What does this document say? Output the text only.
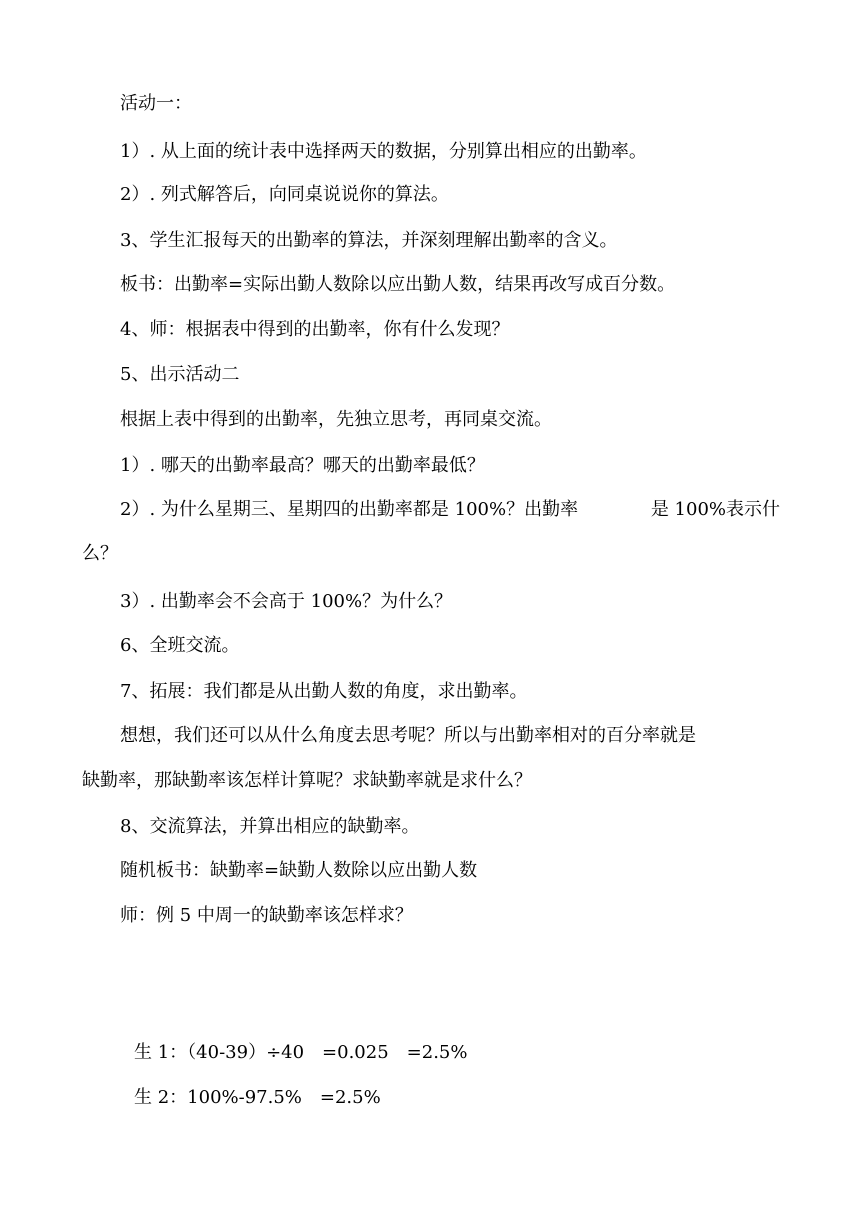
活动一：
1）. 从上面的统计表中选择两天的数据，分别算出相应的出勤率。
2）. 列式解答后，向同桌说说你的算法。
3、学生汇报每天的出勤率的算法，并深刻理解出勤率的含义。
板书：出勤率=实际出勤人数除以应出勤人数，结果再改写成百分数。
4、师：根据表中得到的出勤率，你有什么发现？
5、出示活动二
根据上表中得到的出勤率，先独立思考，再同桌交流。
1）. 哪天的出勤率最高？哪天的出勤率最低？
2）. 为什么星期三、星期四的出勤率都是 100%？出勤率	是 100%表示什
么？
3）. 出勤率会不会高于 100%？为什么？
6、全班交流。
7、拓展：我们都是从出勤人数的角度，求出勤率。
想想，我们还可以从什么角度去思考呢？所以与出勤率相对的百分率就是
缺勤率，那缺勤率该怎样计算呢？求缺勤率就是求什么？
8、交流算法，并算出相应的缺勤率。
随机板书：缺勤率=缺勤人数除以应出勤人数
师：例 5 中周一的缺勤率该怎样求？
生 1：（40-39）÷40　=0.025　=2.5%
生 2：100%-97.5%　=2.5%
